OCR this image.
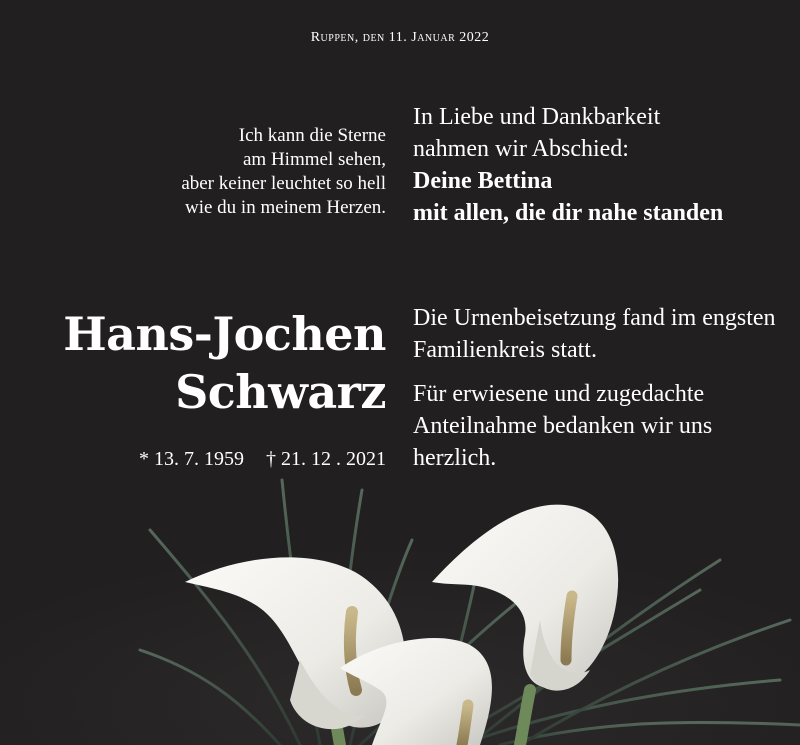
Ruppen, den 11. Januar 2022
Ich kann die Sterne
am Himmel sehen,
aber keiner leuchtet so hell
wie du in meinem Herzen.
In Liebe und Dankbarkeit
nahmen wir Abschied:
Deine Bettina
mit allen, die dir nahe standen
Hans-Jochen
Schwarz
* 13. 7. 1959 † 21. 12 . 2021

Die Urnenbeisetzung fand im engsten Familienkreis statt.

Für erwiesene und zugedachte Anteilnahme bedanken wir uns herzlich.
